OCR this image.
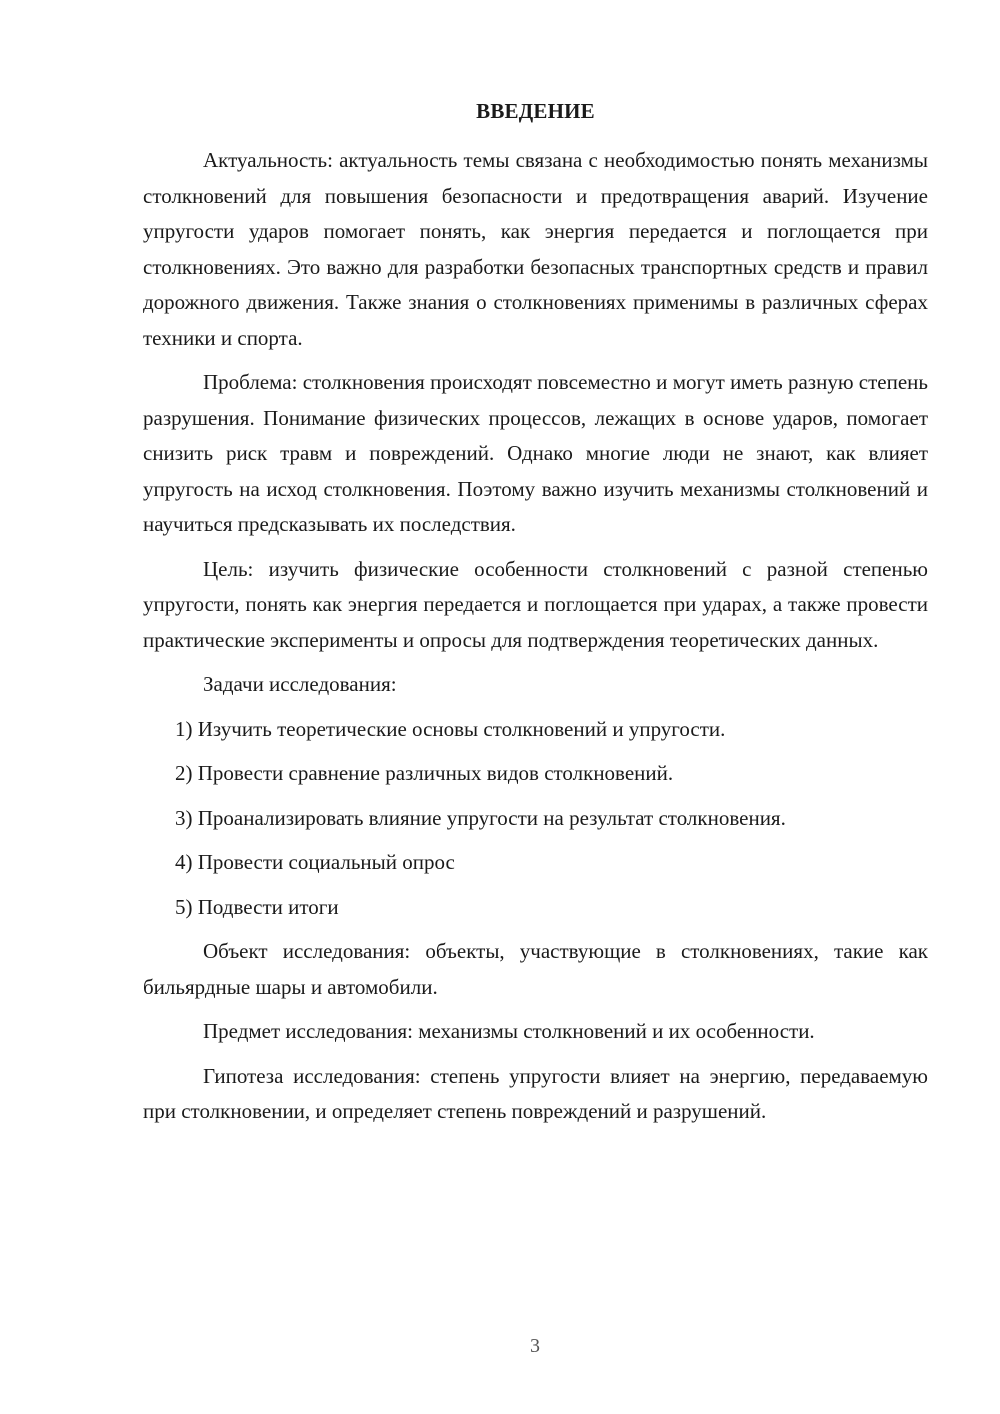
ВВЕДЕНИЕ

Актуальность: актуальность темы связана с необходимостью понять механизмы столкновений для повышения безопасности и предотвращения аварий. Изучение упругости ударов помогает понять, как энергия передается и поглощается при столкновениях. Это важно для разработки безопасных транспортных средств и правил дорожного движения. Также знания о столкновениях применимы в различных сферах техники и спорта.

Проблема: столкновения происходят повсеместно и могут иметь разную степень разрушения. Понимание физических процессов, лежащих в основе ударов, помогает снизить риск травм и повреждений. Однако многие люди не знают, как влияет упругость на исход столкновения. Поэтому важно изучить механизмы столкновений и научиться предсказывать их последствия.

Цель: изучить физические особенности столкновений с разной степенью упругости, понять как энергия передается и поглощается при ударах, а также провести практические эксперименты и опросы для подтверждения теоретических данных.

Задачи исследования:

1) Изучить теоретические основы столкновений и упругости.

2) Провести сравнение различных видов столкновений.

3) Проанализировать влияние упругости на результат столкновения.

4) Провести социальный опрос

5) Подвести итоги

Объект исследования: объекты, участвующие в столкновениях, такие как бильярдные шары и автомобили.

Предмет исследования: механизмы столкновений и их особенности.

Гипотеза исследования: степень упругости влияет на энергию, передаваемую при столкновении, и определяет степень повреждений и разрушений.

3
